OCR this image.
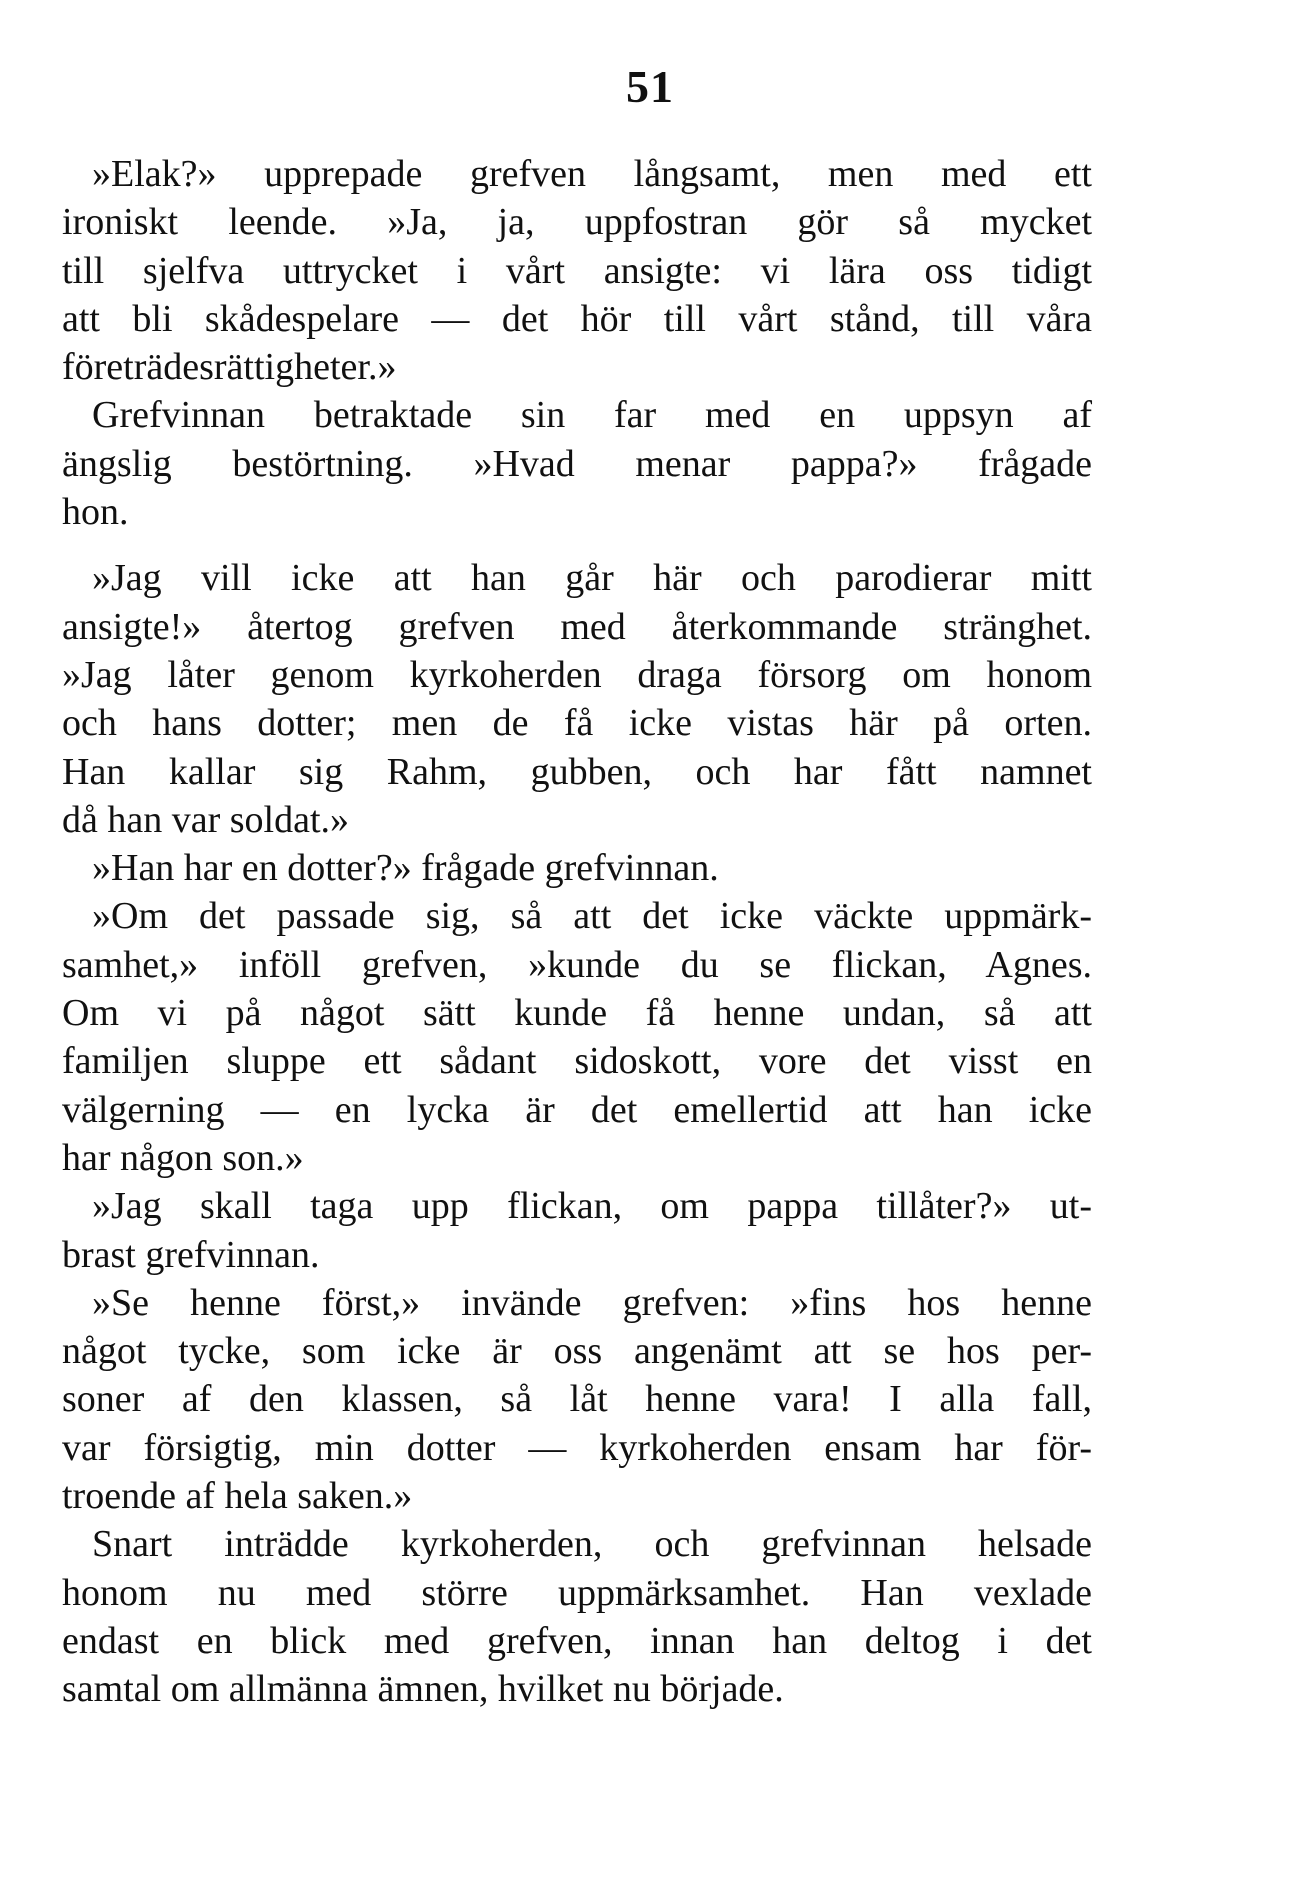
51
»Elak?» upprepade grefven långsamt, men med ett
ironiskt leende. »Ja, ja, uppfostran gör så mycket
till sjelfva uttrycket i vårt ansigte: vi lära oss tidigt
att bli skådespelare — det hör till vårt stånd, till våra
företrädesrättigheter.»
Grefvinnan betraktade sin far med en uppsyn af
ängslig bestörtning. »Hvad menar pappa?» frågade
hon.
»Jag vill icke att han går här och parodierar mitt
ansigte!» återtog grefven med återkommande stränghet.
»Jag låter genom kyrkoherden draga försorg om honom
och hans dotter; men de få icke vistas här på orten.
Han kallar sig Rahm, gubben, och har fått namnet
då han var soldat.»
»Han har en dotter?» frågade grefvinnan.
»Om det passade sig, så att det icke väckte uppmärk-
samhet,» inföll grefven, »kunde du se flickan, Agnes.
Om vi på något sätt kunde få henne undan, så att
familjen sluppe ett sådant sidoskott, vore det visst en
välgerning — en lycka är det emellertid att han icke
har någon son.»
»Jag skall taga upp flickan, om pappa tillåter?» ut-
brast grefvinnan.
»Se henne först,» invände grefven: »fins hos henne
något tycke, som icke är oss angenämt att se hos per-
soner af den klassen, så låt henne vara! I alla fall,
var försigtig, min dotter — kyrkoherden ensam har för-
troende af hela saken.»
Snart inträdde kyrkoherden, och grefvinnan helsade
honom nu med större uppmärksamhet. Han vexlade
endast en blick med grefven, innan han deltog i det
samtal om allmänna ämnen, hvilket nu började.
